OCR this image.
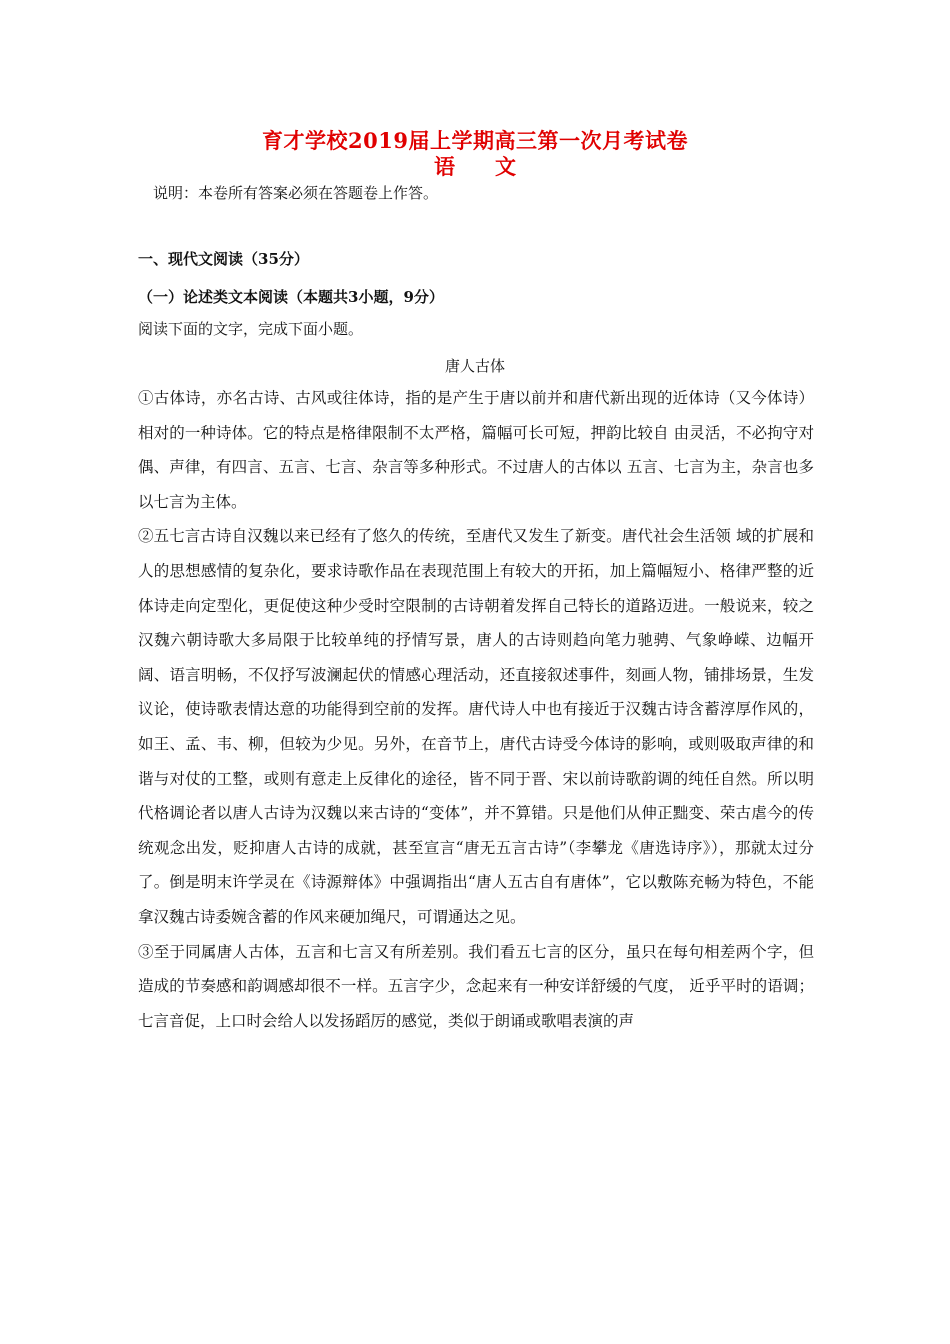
育才学校2019届上学期高三第一次月考试卷
语文
说明：本卷所有答案必须在答题卷上作答。
一、现代文阅读（35分）
（一）论述类文本阅读（本题共3小题，9分）
阅读下面的文字，完成下面小题。
唐人古体

①古体诗，亦名古诗、古风或往体诗，指的是产生于唐以前并和唐代新出现的近体诗（又今体诗）相对的一种诗体。它的特点是格律限制不太严格，篇幅可长可短，押韵比较自 由灵活，不必拘守对偶、声律，有四言、五言、七言、杂言等多种形式。不过唐人的古体以 五言、七言为主，杂言也多以七言为主体。

②五七言古诗自汉魏以来已经有了悠久的传统，至唐代又发生了新变。唐代社会生活领 域的扩展和人的思想感情的复杂化，要求诗歌作品在表现范围上有较大的开拓，加上篇幅短小、格律严整的近体诗走向定型化，更促使这种少受时空限制的古诗朝着发挥自己特长的道路迈进。一般说来，较之汉魏六朝诗歌大多局限于比较单纯的抒情写景，唐人的古诗则趋向笔力驰骋、气象峥嵘、边幅开阔、语言明畅，不仅抒写波澜起伏的情感心理活动，还直接叙述事件，刻画人物，铺排场景，生发议论，使诗歌表情达意的功能得到空前的发挥。唐代诗人中也有接近于汉魏古诗含蓄淳厚作风的，如王、孟、韦、柳，但较为少见。另外，在音节上，唐代古诗受今体诗的影响，或则吸取声律的和谐与对仗的工整，或则有意走上反律化的途径，皆不同于晋、宋以前诗歌韵调的纯任自然。所以明代格调论者以唐人古诗为汉魏以来古诗的“变体”，并不算错。只是他们从伸正黜变、荣古虐今的传统观念出发，贬抑唐人古诗的成就，甚至宣言“唐无五言古诗”（李攀龙《唐选诗序》），那就太过分了。倒是明末许学灵在《诗源辩体》中强调指出“唐人五古自有唐体”，它以敷陈充畅为特色，不能拿汉魏古诗委婉含蓄的作风来硬加绳尺，可谓通达之见。

③至于同属唐人古体，五言和七言又有所差别。我们看五七言的区分，虽只在每句相差两个字，但造成的节奏感和韵调感却很不一样。五言字少，念起来有一种安详舒缓的气度， 近乎平时的语调；七言音促，上口时会给人以发扬蹈厉的感觉，类似于朗诵或歌唱表演的声
